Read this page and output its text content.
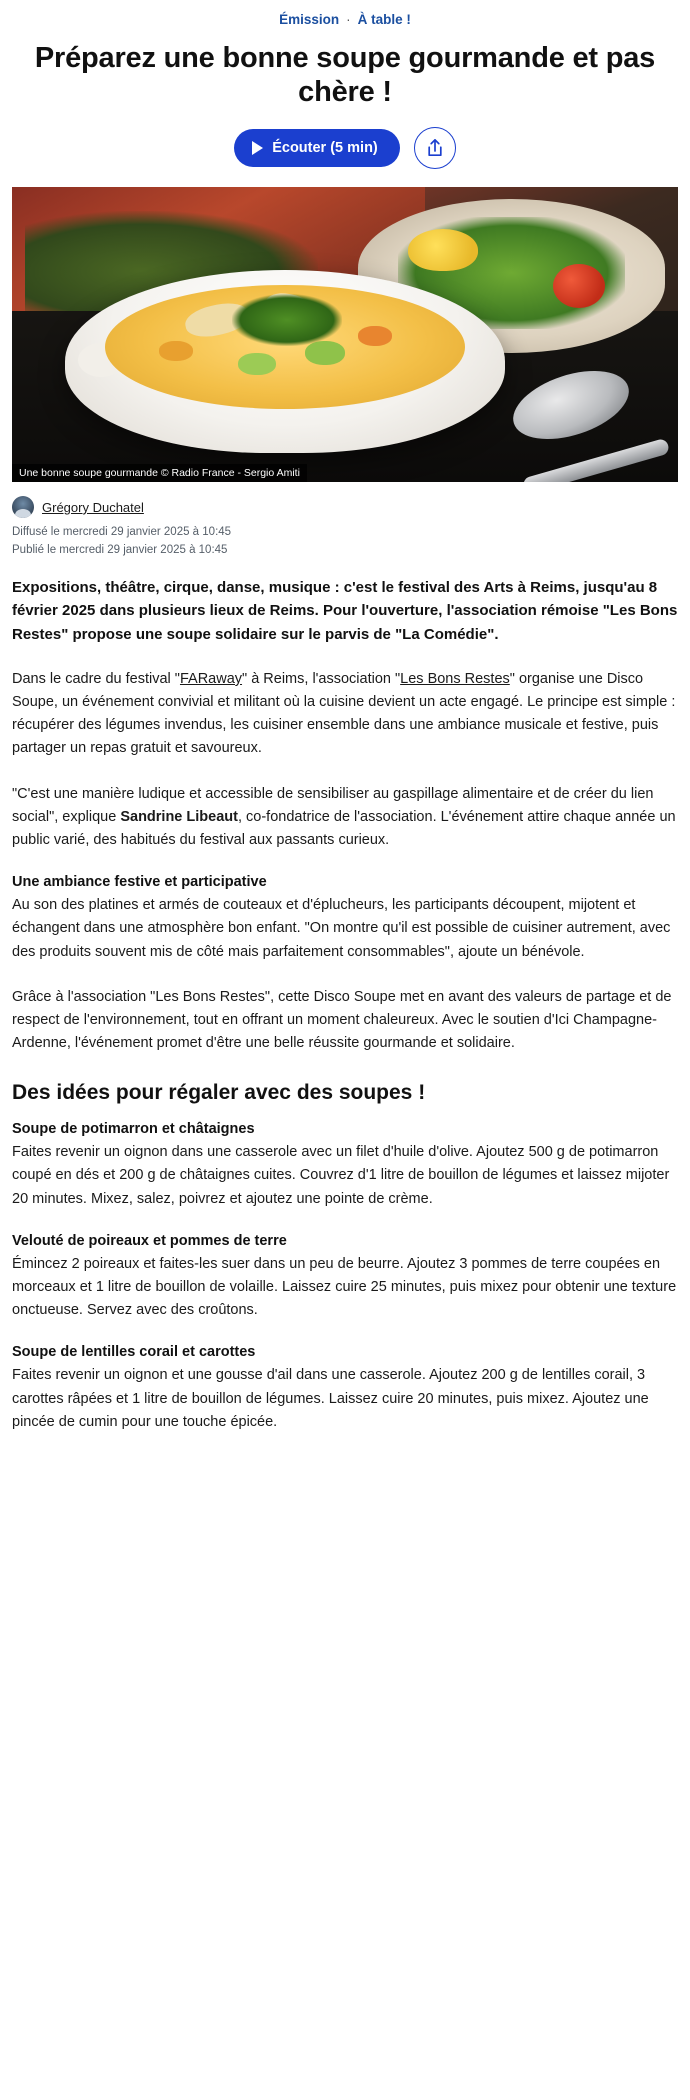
Émission · À table !
Préparez une bonne soupe gourmande et pas chère !
Écouter (5 min)
Une bonne soupe gourmande © Radio France - Sergio Amiti
Grégory Duchatel
Diffusé le mercredi 29 janvier 2025 à 10:45
Publié le mercredi 29 janvier 2025 à 10:45

Expositions, théâtre, cirque, danse, musique : c'est le festival des Arts à Reims, jusqu'au 8 février 2025 dans plusieurs lieux de Reims. Pour l'ouverture, l'association rémoise "Les Bons Restes" propose une soupe solidaire sur le parvis de "La Comédie".

Dans le cadre du festival "FARaway" à Reims, l'association "Les Bons Restes" organise une Disco Soupe, un événement convivial et militant où la cuisine devient un acte engagé. Le principe est simple : récupérer des légumes invendus, les cuisiner ensemble dans une ambiance musicale et festive, puis partager un repas gratuit et savoureux.

"C'est une manière ludique et accessible de sensibiliser au gaspillage alimentaire et de créer du lien social", explique Sandrine Libeaut, co-fondatrice de l'association. L'événement attire chaque année un public varié, des habitués du festival aux passants curieux.

Une ambiance festive et participative

Au son des platines et armés de couteaux et d'éplucheurs, les participants découpent, mijotent et échangent dans une atmosphère bon enfant. "On montre qu'il est possible de cuisiner autrement, avec des produits souvent mis de côté mais parfaitement consommables", ajoute un bénévole.

Grâce à l'association "Les Bons Restes", cette Disco Soupe met en avant des valeurs de partage et de respect de l'environnement, tout en offrant un moment chaleureux. Avec le soutien d'Ici Champagne-Ardenne, l'événement promet d'être une belle réussite gourmande et solidaire.

Des idées pour régaler avec des soupes !
Soupe de potimarron et châtaignes

Faites revenir un oignon dans une casserole avec un filet d'huile d'olive. Ajoutez 500 g de potimarron coupé en dés et 200 g de châtaignes cuites. Couvrez d'1 litre de bouillon de légumes et laissez mijoter 20 minutes. Mixez, salez, poivrez et ajoutez une pointe de crème.

Velouté de poireaux et pommes de terre

Émincez 2 poireaux et faites-les suer dans un peu de beurre. Ajoutez 3 pommes de terre coupées en morceaux et 1 litre de bouillon de volaille. Laissez cuire 25 minutes, puis mixez pour obtenir une texture onctueuse. Servez avec des croûtons.

Soupe de lentilles corail et carottes

Faites revenir un oignon et une gousse d'ail dans une casserole. Ajoutez 200 g de lentilles corail, 3 carottes râpées et 1 litre de bouillon de légumes. Laissez cuire 20 minutes, puis mixez. Ajoutez une pincée de cumin pour une touche épicée.
